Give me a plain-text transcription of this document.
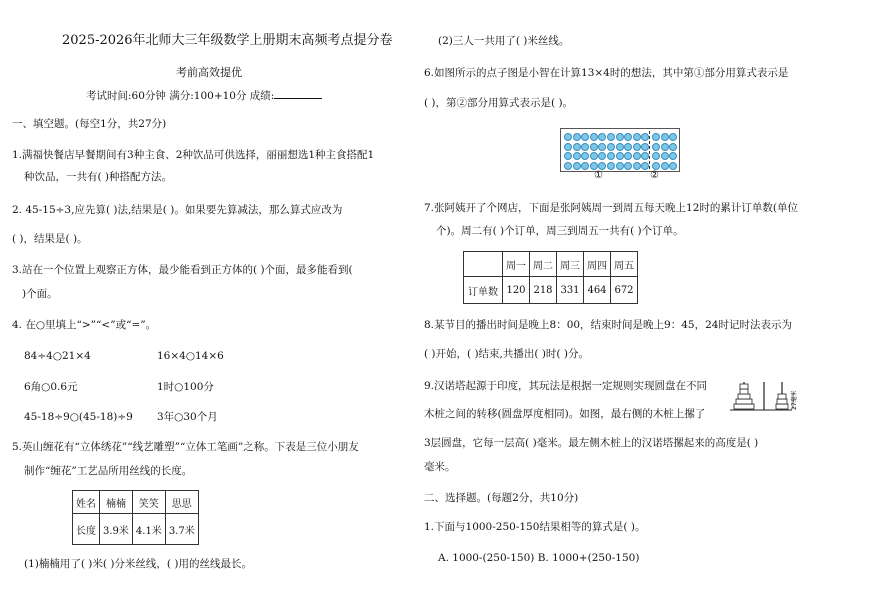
2025-2026年北师大三年级数学上册期末高频考点提分卷
考前高效提优
考试时间:60分钟 满分:100+10分 成绩:
一、填空题。(每空1分，共27分)
1.满福快餐店早餐期间有3种主食、2种饮品可供选择，丽丽想选1种主食搭配1
种饮品，一共有( )种搭配方法。
2. 45-15÷3,应先算( )法,结果是( )。如果要先算减法，那么算式应改为
( )，结果是( )。
3.站在一个位置上观察正方体，最少能看到正方体的( )个面，最多能看到(
)个面。
4. 在○里填上“>”“<”或“=”。
84÷4○21×4	16×4○14×6
6角○0.6元	1时○100分
45-18÷9○(45-18)÷9 3年○30个月
5.英山缠花有“立体绣花”“线艺雕塑”“立体工笔画”之称。下表是三位小朋友
制作“缠花”工艺品所用丝线的长度。
姓名	楠楠	笑笑	思思
长度	3.9米	4.1米	3.7米
(1)楠楠用了( )米( )分米丝线，( )用的丝线最长。
(2)三人一共用了( )米丝线。
6.如图所示的点子图是小智在计算13×4时的想法，其中第①部分用算式表示是
( )，第②部分用算式表示是( )。
①	②
7.张阿姨开了个网店，下面是张阿姨周一到周五每天晚上12时的累计订单数(单位
个)。周二有( )个订单，周三到周五一共有( )个订单。
	周一	周二	周三	周四	周五
订单数	120	218	331	464	672
8.某节目的播出时间是晚上8：00，结束时间是晚上9：45，24时记时法表示为
( )开始，( )结束,共播出( )时( )分。
9.汉诺塔起源于印度，其玩法是根据一定规则实现圆盘在不同
木桩之间的转移(圆盘厚度相同)。如图，最右侧的木桩上摞了
27毫米
3层圆盘，它每一层高( )毫米。最左侧木桩上的汉诺塔摞起来的高度是( )
毫米。
二、选择题。(每题2分，共10分)
1.下面与1000-250-150结果相等的算式是( )。
A. 1000-(250-150) B. 1000+(250-150)
